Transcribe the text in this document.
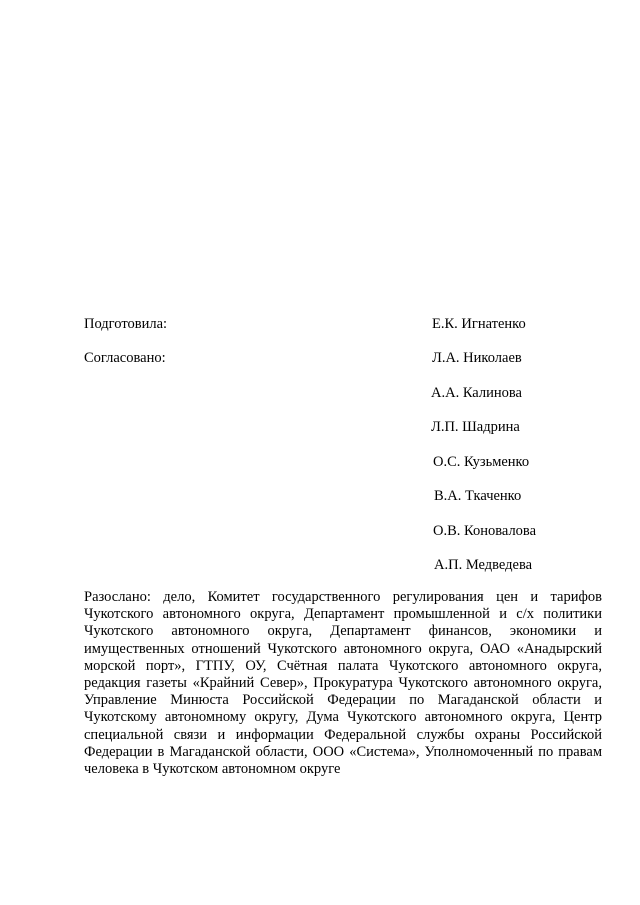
Подготовила:	Е.К. Игнатенко
Согласовано:	Л.А. Николаев
А.А. Калинова
Л.П. Шадрина
О.С. Кузьменко
В.А. Ткаченко
О.В. Коновалова
А.П. Медведева

Разослано: дело, Комитет государственного регулирования цен и тарифов Чукотского автономного округа, Департамент промышленной и с/х политики Чукотского автономного округа, Департамент финансов, экономики и имущественных отношений Чукотского автономного округа, ОАО «Анадырский морской порт», ГТПУ, ОУ, Счётная палата Чукотского автономного округа, редакция газеты «Крайний Север», Прокуратура Чукотского автономного округа, Управление Минюста Российской Федерации по Магаданской области и Чукотскому автономному округу, Дума Чукотского автономного округа, Центр специальной связи и информации Федеральной службы охраны Российской Федерации в Магаданской области, ООО «Система», Уполномоченный по правам человека в Чукотском автономном округе
